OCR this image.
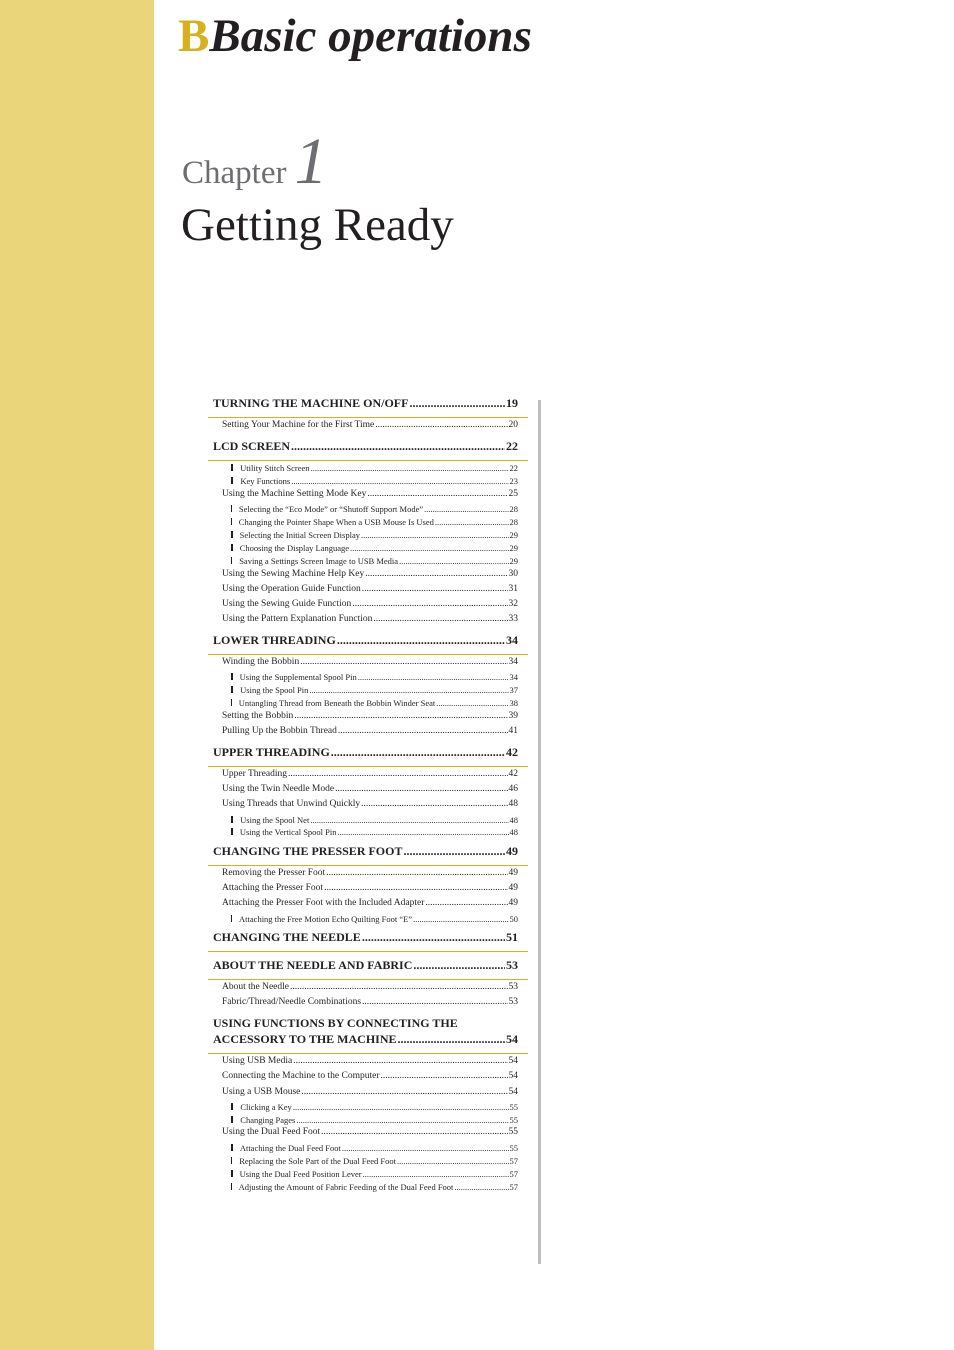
BBasic operations
Chapter 1
Getting Ready
TURNING THE MACHINE ON/OFF .....	19
Setting Your Machine for the First Time .....	20
LCD SCREEN .....	22
Utility Stitch Screen .....	22
Key Functions .....	23
Using the Machine Setting Mode Key .....	25
Selecting the “Eco Mode” or “Shutoff Support Mode” .....	28
Changing the Pointer Shape When a USB Mouse Is Used .....	28
Selecting the Initial Screen Display .....	29
Choosing the Display Language .....	29
Saving a Settings Screen Image to USB Media .....	29
Using the Sewing Machine Help Key .....	30
Using the Operation Guide Function .....	31
Using the Sewing Guide Function .....	32
Using the Pattern Explanation Function .....	33
LOWER THREADING .....	34
Winding the Bobbin .....	34
Using the Supplemental Spool Pin .....	34
Using the Spool Pin .....	37
Untangling Thread from Beneath the Bobbin Winder Seat .....	38
Setting the Bobbin .....	39
Pulling Up the Bobbin Thread .....	41
UPPER THREADING .....	42
Upper Threading .....	42
Using the Twin Needle Mode .....	46
Using Threads that Unwind Quickly .....	48
Using the Spool Net .....	48
Using the Vertical Spool Pin .....	48
CHANGING THE PRESSER FOOT .....	49
Removing the Presser Foot .....	49
Attaching the Presser Foot .....	49
Attaching the Presser Foot with the Included Adapter .....	49
Attaching the Free Motion Echo Quilting Foot “E” .....	50
CHANGING THE NEEDLE .....	51
ABOUT THE NEEDLE AND FABRIC .....	53
About the Needle .....	53
Fabric/Thread/Needle Combinations .....	53
USING FUNCTIONS BY CONNECTING THE
ACCESSORY TO THE MACHINE .....	54
Using USB Media .....	54
Connecting the Machine to the Computer .....	54
Using a USB Mouse .....	54
Clicking a Key .....	55
Changing Pages .....	55
Using the Dual Feed Foot .....	55
Attaching the Dual Feed Foot .....	55
Replacing the Sole Part of the Dual Feed Foot .....	57
Using the Dual Feed Position Lever .....	57
Adjusting the Amount of Fabric Feeding of the Dual Feed Foot .....	57
